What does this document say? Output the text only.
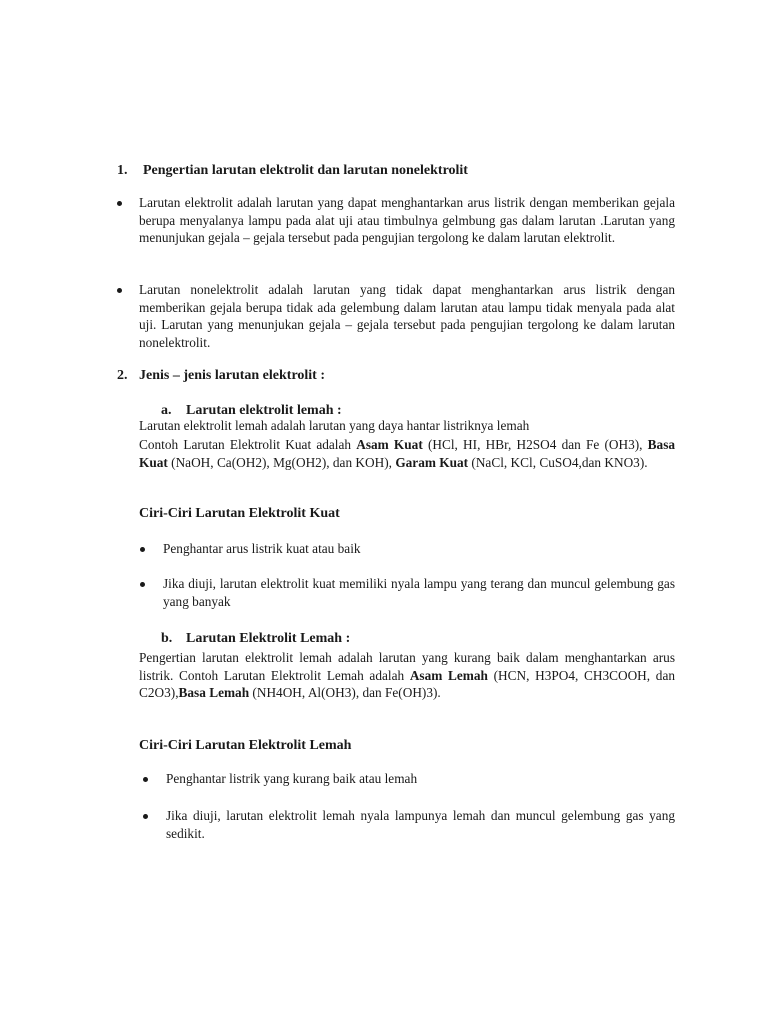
1. Pengertian larutan elektrolit dan larutan nonelektrolit
Larutan elektrolit adalah larutan yang dapat menghantarkan arus listrik dengan memberikan gejala berupa menyalanya lampu pada alat uji atau timbulnya gelmbung gas dalam larutan .Larutan yang menunjukan gejala – gejala tersebut pada pengujian tergolong ke dalam larutan elektrolit.
Larutan nonelektrolit adalah larutan yang tidak dapat menghantarkan arus listrik dengan memberikan gejala berupa tidak ada gelembung dalam larutan atau lampu tidak menyala pada alat uji. Larutan yang menunjukan gejala – gejala tersebut pada pengujian tergolong ke dalam larutan nonelektrolit.
2. Jenis – jenis larutan elektrolit :
a. Larutan elektrolit lemah :
Larutan elektrolit lemah adalah larutan yang daya hantar listriknya lemah
Contoh Larutan Elektrolit Kuat adalah Asam Kuat (HCl, HI, HBr, H2SO4 dan Fe (OH3), Basa Kuat (NaOH, Ca(OH2), Mg(OH2), dan KOH), Garam Kuat (NaCl, KCl, CuSO4,dan KNO3).
Ciri-Ciri Larutan Elektrolit Kuat
Penghantar arus listrik kuat atau baik
Jika diuji, larutan elektrolit kuat memiliki nyala lampu yang terang dan muncul gelembung gas yang banyak
b. Larutan Elektrolit Lemah :
Pengertian larutan elektrolit lemah adalah larutan yang kurang baik dalam menghantarkan arus listrik. Contoh Larutan Elektrolit Lemah adalah Asam Lemah (HCN, H3PO4, CH3COOH, dan C2O3),Basa Lemah (NH4OH, Al(OH3), dan Fe(OH)3).
Ciri-Ciri Larutan Elektrolit Lemah
Penghantar listrik yang kurang baik atau lemah
Jika diuji, larutan elektrolit lemah nyala lampunya lemah dan muncul gelembung gas yang sedikit.
